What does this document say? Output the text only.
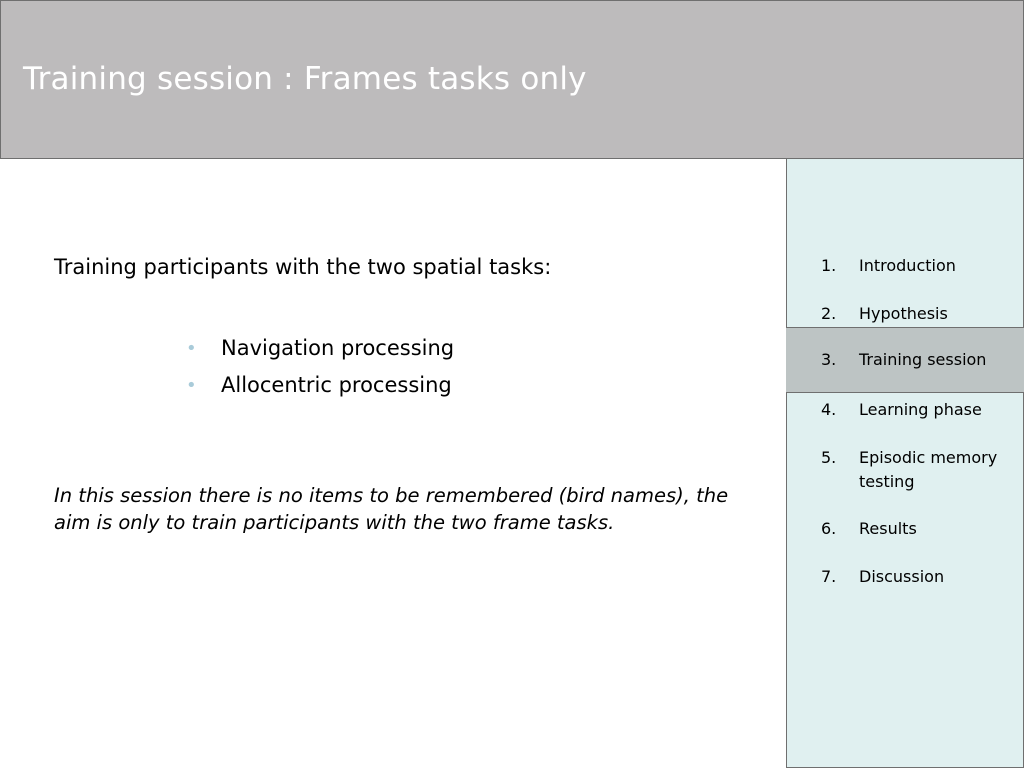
Training session : Frames tasks only
Training participants with the two spatial tasks:
• Navigation processing
• Allocentric processing
In this session there is no items to be remembered (bird names), the aim is only to train participants with the two frame tasks.
1. Introduction
2. Hypothesis
3. Training session
4. Learning phase
5. Episodic memory testing
6. Results
7. Discussion
